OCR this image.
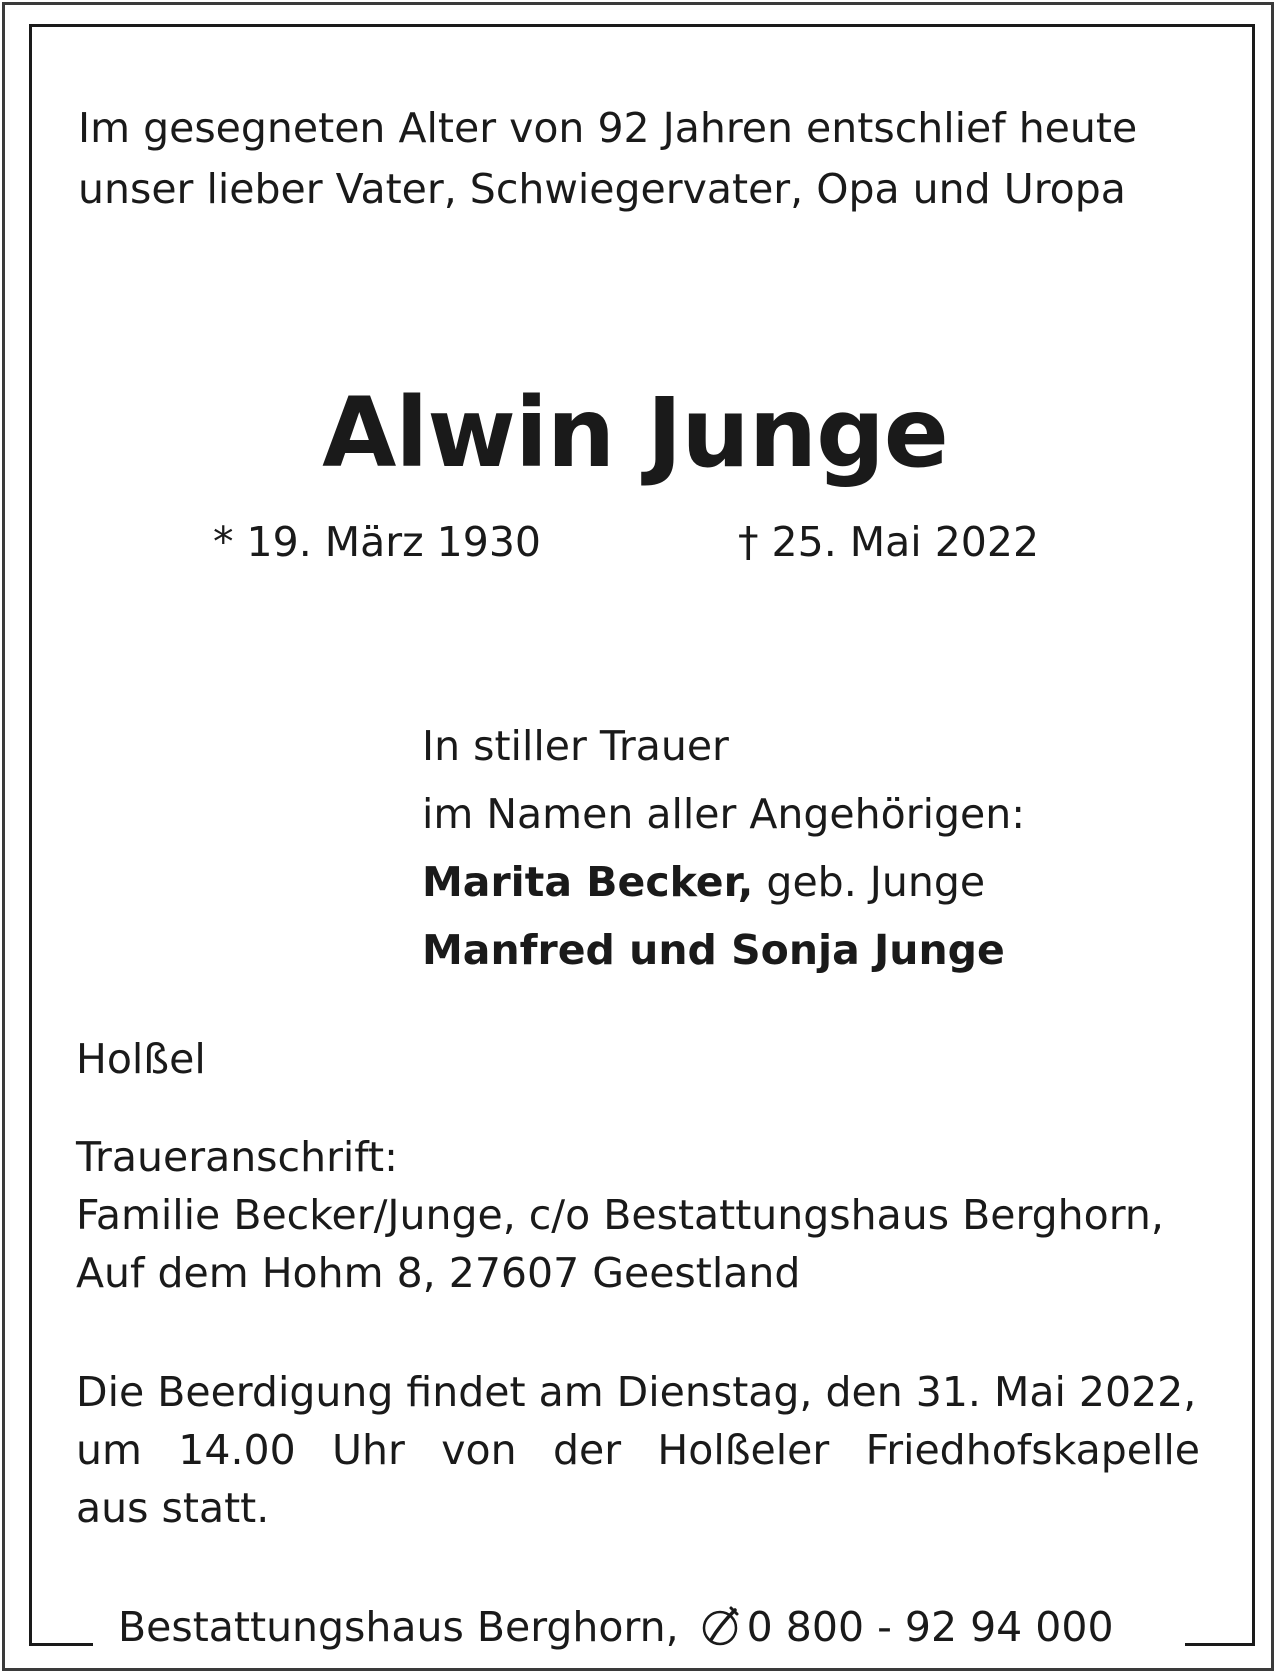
Im gesegneten Alter von 92 Jahren entschlief heute
unser lieber Vater, Schwiegervater, Opa und Uropa
Alwin Junge
* 19. März 1930	† 25. Mai 2022
In stiller Trauer
im Namen aller Angehörigen:
Marita Becker, geb. Junge
Manfred und Sonja Junge
Holßel
Traueranschrift:
Familie Becker/Junge, c/o Bestattungshaus Berghorn,
Auf dem Hohm 8, 27607 Geestland
Die Beerdigung findet am Dienstag, den 31. Mai 2022,
um 14.00 Uhr von der Holßeler Friedhofskapelle
aus statt.
Bestattungshaus Berghorn, 0 800 - 92 94 000
